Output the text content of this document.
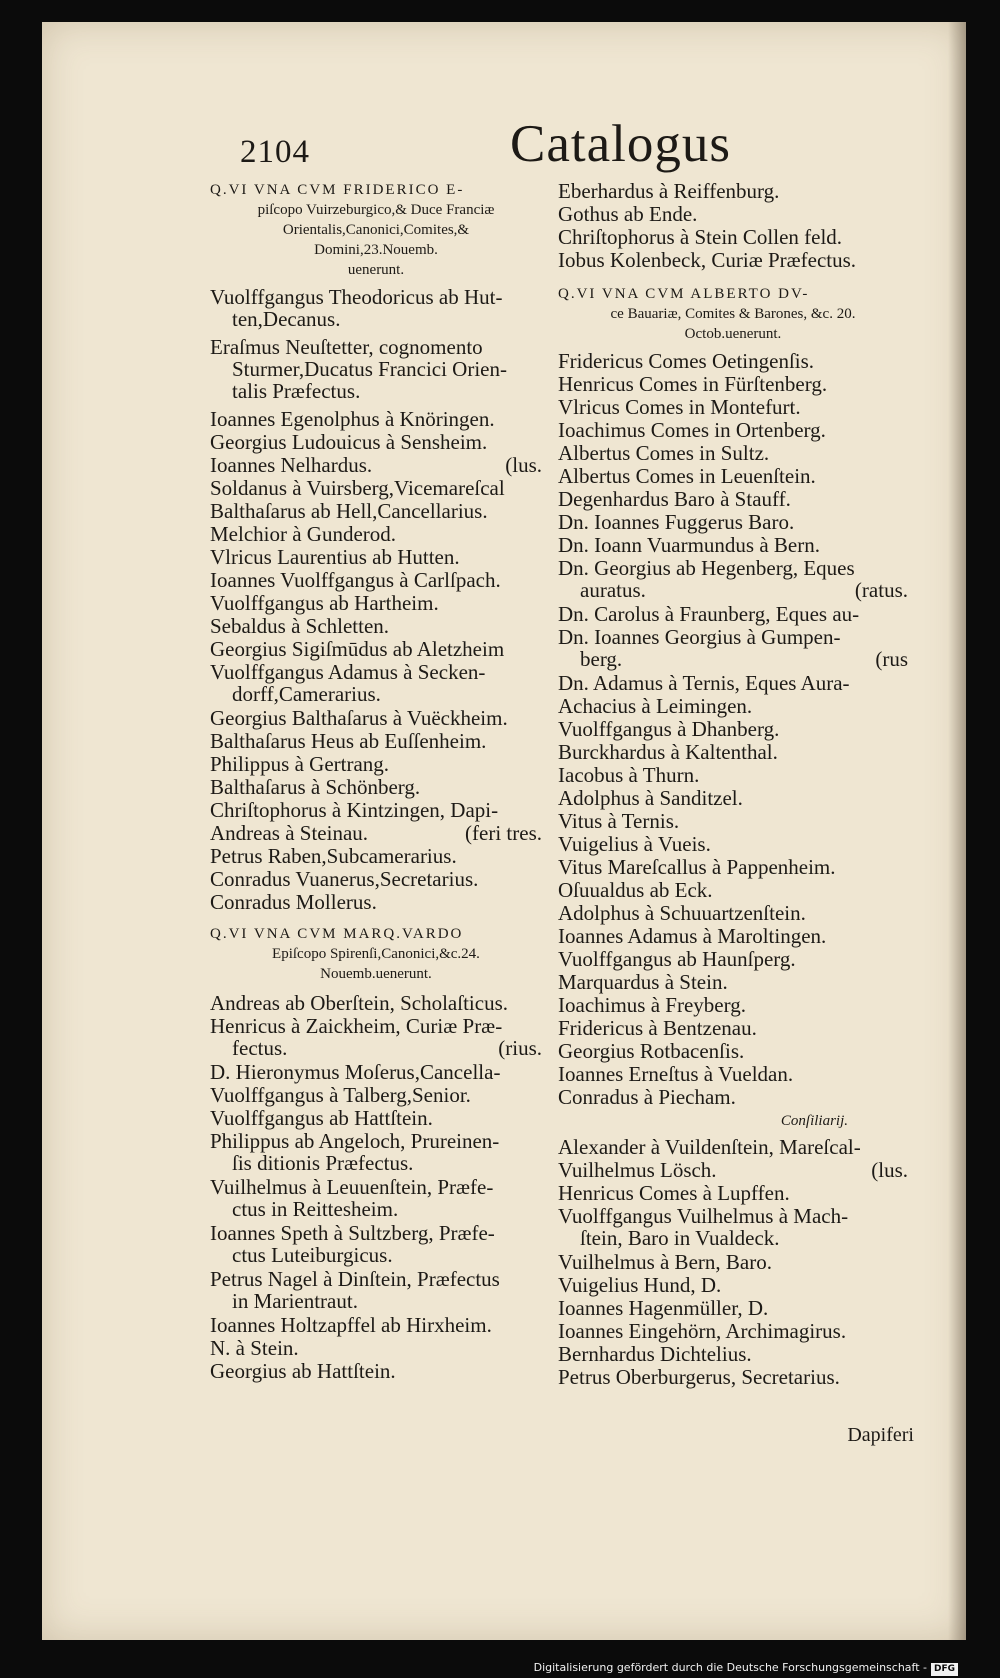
2104	Catalogus
Q.VI VNA CVM FRIDERICO E-
piſcopo Vuirzeburgico,& Duce Franciæ
Orientalis,Canonici,Comites,&
Domini,23.Nouemb.
uenerunt.
Vuolffgangus Theodoricus ab Hut-
ten,Decanus.
Eraſmus Neuſtetter, cognomento
Sturmer,Ducatus Francici Orien-
talis Præfectus.
Ioannes Egenolphus à Knöringen.
Georgius Ludouicus à Sensheim.
Ioannes Nelhardus.	(lus.
Soldanus à Vuirsberg,Vicemareſcal
Balthaſarus ab Hell,Cancellarius.
Melchior à Gunderod.
Vlricus Laurentius ab Hutten.
Ioannes Vuolffgangus à Carlſpach.
Vuolffgangus ab Hartheim.
Sebaldus à Schletten.
Georgius Sigiſmūdus ab Aletzheim
Vuolffgangus Adamus à Secken-
dorff,Camerarius.
Georgius Balthaſarus à Vuëckheim.
Balthaſarus Heus ab Euſſenheim.
Philippus à Gertrang.
Balthaſarus à Schönberg.
Chriſtophorus à Kintzingen, Dapi-
Andreas à Steinau.	(feri tres.
Petrus Raben,Subcamerarius.
Conradus Vuanerus,Secretarius.
Conradus Mollerus.
Q.VI VNA CVM MARQ.VARDO
Epiſcopo Spirenſi,Canonici,&c.24.
Nouemb.uenerunt.
Andreas ab Oberſtein, Scholaſticus.
Henricus à Zaickheim, Curiæ Præ-
fectus.	(rius.
D. Hieronymus Moſerus,Cancella-
Vuolffgangus à Talberg,Senior.
Vuolffgangus ab Hattſtein.
Philippus ab Angeloch, Prureinen-
ſis ditionis Præfectus.
Vuilhelmus à Leuuenſtein, Præfe-
ctus in Reittesheim.
Ioannes Speth à Sultzberg, Præfe-
ctus Luteiburgicus.
Petrus Nagel à Dinſtein, Præfectus
in Marientraut.
Ioannes Holtzapffel ab Hirxheim.
N. à Stein.
Georgius ab Hattſtein.
Eberhardus à Reiffenburg.
Gothus ab Ende.
Chriſtophorus à Stein Collen feld.
Iobus Kolenbeck, Curiæ Præfectus.
Q.VI VNA CVM ALBERTO DV-
ce Bauariæ, Comites & Barones, &c. 20.
Octob.uenerunt.
Fridericus Comes Oetingenſis.
Henricus Comes in Fürſtenberg.
Vlricus Comes in Montefurt.
Ioachimus Comes in Ortenberg.
Albertus Comes in Sultz.
Albertus Comes in Leuenſtein.
Degenhardus Baro à Stauff.
Dn. Ioannes Fuggerus Baro.
Dn. Ioann Vuarmundus à Bern.
Dn. Georgius ab Hegenberg, Eques
auratus.	(ratus.
Dn. Carolus à Fraunberg, Eques au-
Dn. Ioannes Georgius à Gumpen-
berg.	(rus
Dn. Adamus à Ternis, Eques Aura-
Achacius à Leimingen.
Vuolffgangus à Dhanberg.
Burckhardus à Kaltenthal.
Iacobus à Thurn.
Adolphus à Sanditzel.
Vitus à Ternis.
Vuigelius à Vueis.
Vitus Mareſcallus à Pappenheim.
Oſuualdus ab Eck.
Adolphus à Schuuartzenſtein.
Ioannes Adamus à Maroltingen.
Vuolffgangus ab Haunſperg.
Marquardus à Stein.
Ioachimus à Freyberg.
Fridericus à Bentzenau.
Georgius Rotbacenſis.
Ioannes Erneſtus à Vueldan.
Conradus à Piecham.
Conſiliarij.
Alexander à Vuildenſtein, Mareſcal-
Vuilhelmus Lösch.	(lus.
Henricus Comes à Lupffen.
Vuolffgangus Vuilhelmus à Mach-
ſtein, Baro in Vualdeck.
Vuilhelmus à Bern, Baro.
Vuigelius Hund, D.
Ioannes Hagenmüller, D.
Ioannes Eingehörn, Archimagirus.
Bernhardus Dichtelius.
Petrus Oberburgerus, Secretarius.
Dapiferi
Digitalisierung gefördert durch die Deutsche Forschungsgemeinschaft - DFG
